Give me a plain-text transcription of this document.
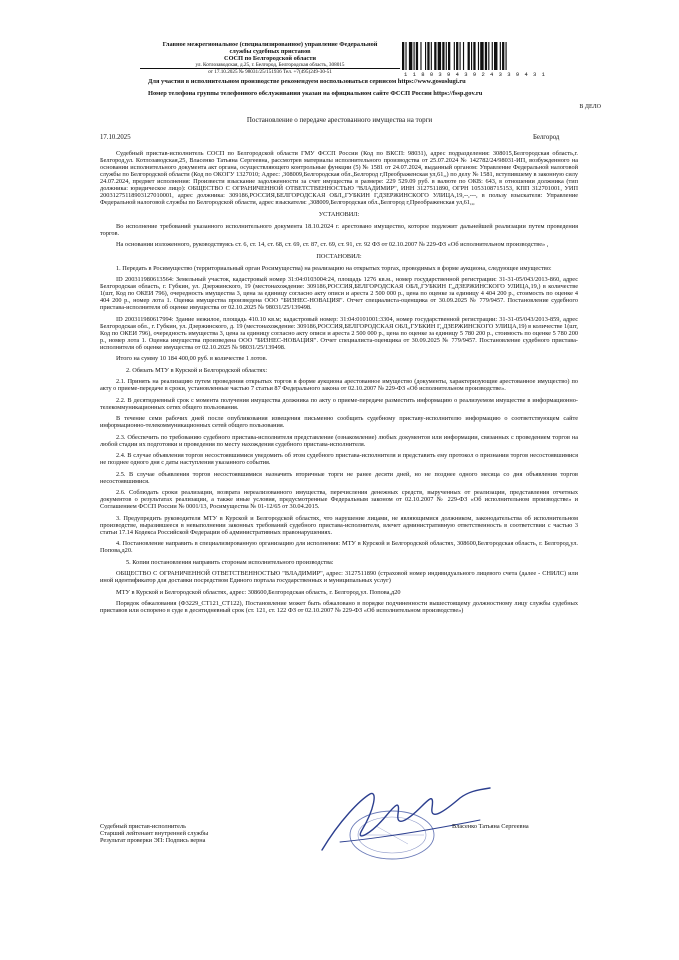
Главное межрегиональное (специализированное) управление Федеральной
службы судебных приставов
СОСП по Белгородской области
ул. Котлозаводская, д.25, г. Белгород, Белгородская область, 308015
от 17.10.2025 № 98031/25/151936 Тел. +7(495)249-30-51	1 1 8 0 3 9 4 3 9 2 4 3 3 9 4 3 1
Для участия в исполнительном производстве рекомендуем воспользоваться сервисом https://www.gosuslugi.ru
Номер телефона группы телефонного обслуживания указан на официальном сайте ФССП России https://fssp.gov.ru
В ДЕЛО
Постановление о передаче арестованного имущества на торги
17.10.2025	Белгород

Судебный пристав-исполнитель СОСП по Белгородской области ГМУ ФССП России (Код по ВКСП: 98031), адрес подразделения: 308015,Белгородская область,г. Белгород,ул. Котлозаводская,25, Власенко Татьяна Сергеевна, рассмотрев материалы исполнительного производства от 25.07.2024 № 142782/24/98031-ИП, возбужденного на основании исполнительного документа акт органа, осуществляющего контрольные функции (5) № 1581 от 24.07.2024, выданный органом: Управление Федеральной налоговой службы по Белгородской области (Код по ОКОГУ 1327010; Адрес: ,308009,Белгородская обл.,Белгород г,Преображенская ул,61,,) по делу № 1581, вступившему в законную силу 24.07.2024, предмет исполнения: Произвести взыскание задолженности за счет имущества в размере: 229 529.09 руб. в валюте по ОКВ: 643, в отношении должника (тип должника: юридическое лицо): ОБЩЕСТВО С ОГРАНИЧЕННОЙ ОТВЕТСТВЕННОСТЬЮ "ВЛАДИМИР", ИНН 3127511890, ОГРН 1053108715153, КПП 312701001, УИП 20031275118903127010001, адрес должника: 309186,РОССИЯ,БЕЛГОРОДСКАЯ ОБЛ,,ГУБКИН Г,ДЗЕРЖИНСКОГО УЛИЦА,19,--,---, в пользу взыскателя: Управление Федеральной налоговой службы по Белгородской области, адрес взыскателя: ,308009,Белгородская обл.,Белгород г,Преображенская ул,61,,,

УСТАНОВИЛ:

Во исполнение требований указанного исполнительного документа 18.10.2024 г. арестовано имущество, которое подлежит дальнейшей реализации путем проведения торгов.

На основании изложенного, руководствуясь ст. 6, ст. 14, ст. 68, ст. 69, ст. 87, ст. 69, ст. 91, ст. 92 ФЗ от 02.10.2007 № 229-ФЗ «Об исполнительном производстве» ,

ПОСТАНОВИЛ:

1. Передать в Росимущество (территориальный орган Росимущества) на реализацию на открытых торгах, проводимых в форме аукциона, следующее имущество:

ID 200311980613564: Земельный участок, кадастровый номер 31:04:0103004:24, площадь 1276 кв.м., номер государственной регистрации: 31-31-05/043/2013-860, адрес Белгородская область, г. Губкин, ул. Дзержинского, 19 (местонахождение: 309186,РОССИЯ,БЕЛГОРОДСКАЯ ОБЛ,,ГУБКИН Г,,ДЗЕРЖИНСКОГО УЛИЦА,19,) в количестве 1(шт, Код по ОКЕИ 796), очередность имущества 3, цена за единицу согласно акту описи и ареста 2 500 000 р., цена по оценке за единицу 4 404 200 р., стоимость по оценке 4 404 200 р., номер лота 1. Оценка имущества произведена ООО "БИЗНЕС-НОВАЦИЯ". Отчет специалиста-оценщика от 30.09.2025 № 779/9457. Постановление судебного пристава-исполнителя об оценке имущества от 02.10.2025 № 98031/25/139498.

ID 200311980617994: Здание нежилое, площадь 410.10 кв.м; кадастровый номер: 31:04:0101001:3304, номер государственной регистрации: 31-31-05/043/2013-859, адрес Белгородская обл., г. Губкин, ул. Дзержинского, д. 19 (местонахождение: 309186,РОССИЯ,БЕЛГОРОДСКАЯ ОБЛ,,ГУБКИН Г,,ДЗЕРЖИНСКОГО УЛИЦА,19) в количестве 1(шт, Код по ОКЕИ 796), очередность имущества 3, цена за единицу согласно акту описи и ареста 2 500 000 р., цена по оценке за единицу 5 780 200 р., стоимость по оценке 5 780 200 р., номер лота 1. Оценка имущества произведена ООО "БИЗНЕС-НОВАЦИЯ". Отчет специалиста-оценщика от 30.09.2025 № 779/9457. Постановление судебного пристава-исполнителя об оценке имущества от 02.10.2025 № 98031/25/139498.

Итого на сумму 10 184 400,00 руб. в количестве 1 лотов.

2. Обязать МТУ в Курской и Белгородской областях:

2.1. Принять на реализацию путем проведения открытых торгов в форме аукциона арестованное имущество (документы, характеризующие арестованное имущество) по акту о приеме-передаче в сроки, установленные частью 7 статьи 87 Федерального закона от 02.10.2007 № 229-ФЗ «Об исполнительном производстве».

2.2. В десятидневный срок с момента получения имущества должника по акту о приеме-передаче разместить информацию о реализуемом имуществе в информационно-телекоммуникационных сетях общего пользования.

В течение семи рабочих дней после опубликования извещения письменно сообщить судебному приставу-исполнителю информацию о соответствующем сайте информационно-телекоммуникационных сетей общего пользования.

2.3. Обеспечить по требованию судебного пристава-исполнителя представление (ознакомление) любых документов или информации, связанных с проведением торгов на любой стадии их подготовки и проведения по месту нахождения судебного пристава-исполнителя.

2.4. В случае объявления торгов несостоявшимися уведомить об этом судебного пристава-исполнителя и представить ему протокол о признании торгов несостоявшимися не позднее одного дня с даты наступления указанного события.

2.5. В случае объявления торгов несостоявшимися назначить вторичные торги не ранее десяти дней, но не позднее одного месяца со дня объявления торгов несостоявшимися.

2.6. Соблюдать сроки реализации, возврата нереализованного имущества, перечисления денежных средств, вырученных от реализации, представления отчетных документов о результатах реализации, а также иные условия, предусмотренные Федеральным законом от 02.10.2007 № 229-ФЗ «Об исполнительном производстве» и Соглашением ФССП России № 0001/13, Росимущества № 01-12/65 от 30.04.2015.

3. Предупредить руководителя МТУ в Курской и Белгородской областях, что нарушение лицами, не являющимися должником, законодательства об исполнительном производстве, выразившееся в невыполнении законных требований судебного пристава-исполнителя, влечет административную ответственность в соответствии с частью 3 статьи 17.14 Кодекса Российской Федерации об административных правонарушениях.

4. Постановление направить в специализированную организацию для исполнения: МТУ в Курской и Белгородской областях, 308600,Белгородская область, г. Белгород,ул. Попова,д20.

5. Копии постановления направить сторонам исполнительного производства:

ОБЩЕСТВО С ОГРАНИЧЕННОЙ ОТВЕТСТВЕННОСТЬЮ "ВЛАДИМИР", адрес: 3127511890 (страховой номер индивидуального лицевого счета (далее - СНИЛС) или иной идентификатор для доставки посредством Единого портала государственных и муниципальных услуг)

МТУ в Курской и Белгородской областях, адрес: 308600,Белгородская область, г. Белгород,ул. Попова,д20

Порядок обжалования (Ф3229_СТ121_СТ122), Постановление может быть обжаловано в порядке подчиненности вышестоящему должностному лицу службы судебных приставов или оспорено в суде в десятидневный срок (ст. 121, ст. 122 ФЗ от 02.10.2007 № 229-ФЗ «Об исполнительном производстве»)

Судебный пристав-исполнитель
Старший лейтенант внутренней службы
Результат проверки ЭП: Подпись верна
Власенко Татьяна Сергеевна
